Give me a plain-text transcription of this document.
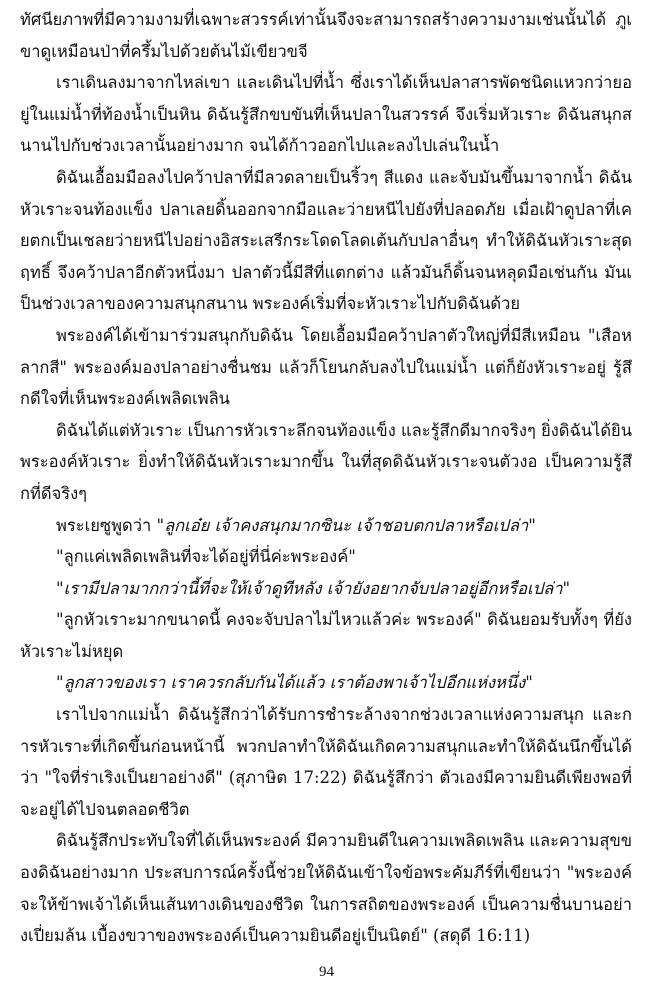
ทัศนียภาพที่มีความงามที่เฉพาะสวรรค์เท่านั้นจึงจะสามารถสร้างความงามเช่นนั้นได้ ภูเขาดูเหมือนป่าที่ครึ้มไปด้วยต้นไม้เขียวขจี

เราเดินลงมาจากไหล่เขา และเดินไปที่น้ำ ซึ่งเราได้เห็นปลาสารพัดชนิดแหวกว่ายอยู่ในแม่น้ำที่ท้องน้ำเป็นหิน ดิฉันรู้สึกขบขันที่เห็นปลาในสวรรค์ จึงเริ่มหัวเราะ ดิฉันสนุกสนานไปกับช่วงเวลานั้นอย่างมาก จนได้ก้าวออกไปและลงไปเล่นในน้ำ

ดิฉันเอื้อมมือลงไปคว้าปลาที่มีลวดลายเป็นริ้วๆ สีแดง และจับมันขึ้นมาจากน้ำ ดิฉันหัวเราะจนท้องแข็ง ปลาเลยดิ้นออกจากมือและว่ายหนีไปยังที่ปลอดภัย เมื่อเฝ้าดูปลาที่เคยตกเป็นเชลยว่ายหนีไปอย่างอิสระเสรีกระโดดโลดเต้นกับปลาอื่นๆ ทำให้ดิฉันหัวเราะสุดฤทธิ์ จึงคว้าปลาอีกตัวหนึ่งมา ปลาตัวนี้มีสีที่แตกต่าง แล้วมันก็ดิ้นจนหลุดมือเช่นกัน มันเป็นช่วงเวลาของความสนุกสนาน พระองค์เริ่มที่จะหัวเราะไปกับดิฉันด้วย

พระองค์ได้เข้ามาร่วมสนุกกับดิฉัน โดยเอื้อมมือคว้าปลาตัวใหญ่ที่มีสีเหมือน "เสือหลากสี" พระองค์มองปลาอย่างชื่นชม แล้วก็โยนกลับลงไปในแม่น้ำ แต่ก็ยังหัวเราะอยู่ รู้สึกดีใจที่เห็นพระองค์เพลิดเพลิน

ดิฉันได้แต่หัวเราะ เป็นการหัวเราะลึกจนท้องแข็ง และรู้สึกดีมากจริงๆ ยิ่งดิฉันได้ยินพระองค์หัวเราะ ยิ่งทำให้ดิฉันหัวเราะมากขึ้น ในที่สุดดิฉันหัวเราะจนตัวงอ เป็นความรู้สึกที่ดีจริงๆ

พระเยซูพูดว่า "ลูกเอ๋ย เจ้าคงสนุกมากซินะ เจ้าชอบตกปลาหรือเปล่า"

"ลูกแค่เพลิดเพลินที่จะได้อยู่ที่นี่ค่ะพระองค์"

"เรามีปลามากกว่านี้ที่จะให้เจ้าดูทีหลัง เจ้ายังอยากจับปลาอยู่อีกหรือเปล่า"

"ลูกหัวเราะมากขนาดนี้ คงจะจับปลาไม่ไหวแล้วค่ะ พระองค์" ดิฉันยอมรับทั้งๆ ที่ยังหัวเราะไม่หยุด

"ลูกสาวของเรา เราควรกลับกันได้แล้ว เราต้องพาเจ้าไปอีกแห่งหนึ่ง"

เราไปจากแม่น้ำ ดิฉันรู้สึกว่าได้รับการชำระล้างจากช่วงเวลาแห่งความสนุก และการหัวเราะที่เกิดขึ้นก่อนหน้านี้ พวกปลาทำให้ดิฉันเกิดความสนุกและทำให้ดิฉันนึกขึ้นได้ว่า "ใจที่ร่าเริงเป็นยาอย่างดี" (สุภาษิต 17:22) ดิฉันรู้สึกว่า ตัวเองมีความยินดีเพียงพอที่จะอยู่ได้ไปจนตลอดชีวิต

ดิฉันรู้สึกประทับใจที่ได้เห็นพระองค์ มีความยินดีในความเพลิดเพลิน และความสุขของดิฉันอย่างมาก ประสบการณ์ครั้งนี้ช่วยให้ดิฉันเข้าใจข้อพระคัมภีร์ที่เขียนว่า "พระองค์จะให้ข้าพเจ้าได้เห็นเส้นทางเดินของชีวิต ในการสถิตของพระองค์ เป็นความชื่นบานอย่างเปี่ยมล้น เบื้องขวาของพระองค์เป็นความยินดีอยู่เป็นนิตย์" (สดุดี 16:11)

94
